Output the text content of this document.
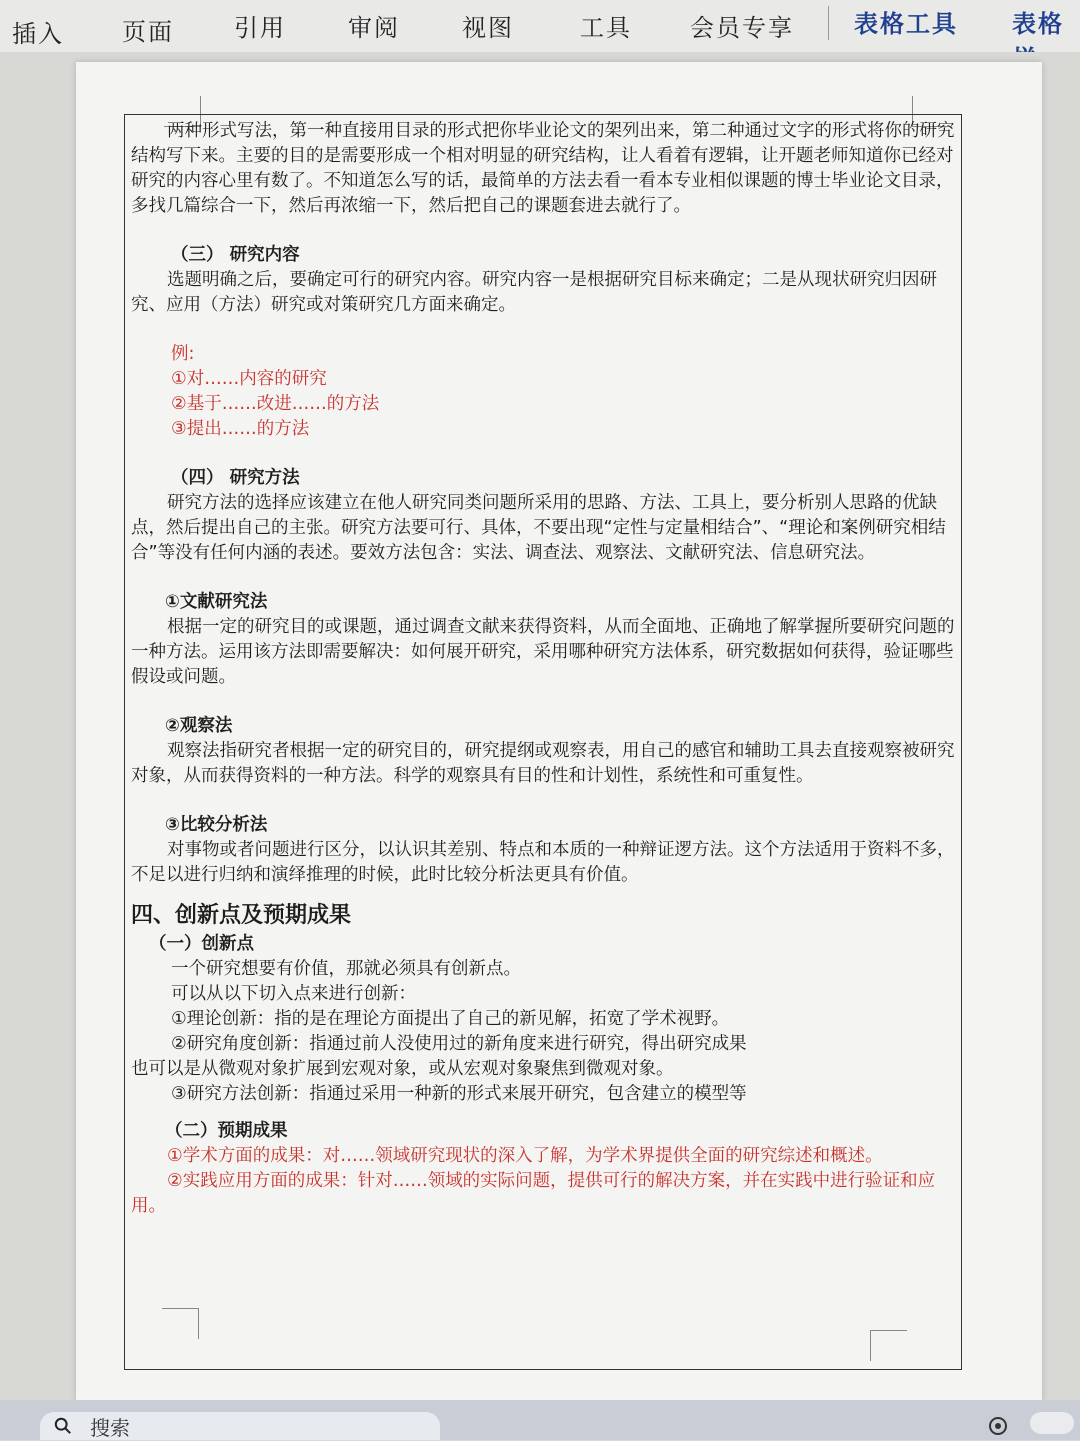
插入 页面	引用	审阅	视图	工具 会员专享	表格工具 表格

两种形式写法，第一种直接用目录的形式把你毕业论文的架列出来，第二种通过文字的形式将你的研究结构写下来。主要的目的是需要形成一个相对明显的研究结构，让人看着有逻辑，让开题老师知道你已经对研究的内容心里有数了。不知道怎么写的话，最简单的方法去看一看本专业相似课题的博士毕业论文目录，多找几篇综合一下，然后再浓缩一下，然后把自己的课题套进去就行了。

（三） 研究内容

选题明确之后，要确定可行的研究内容。研究内容一是根据研究目标来确定；二是从现状研究归因研究、应用（方法）研究或对策研究几方面来确定。

例:

①对……内容的研究

②基于……改进……的方法

③提出……的方法

（四） 研究方法

研究方法的选择应该建立在他人研究同类问题所采用的思路、方法、工具上，要分析别人思路的优缺点，然后提出自己的主张。研究方法要可行、具体，不要出现“定性与定量相结合”、“理论和案例研究相结合”等没有任何内涵的表述。要效方法包含：实法、调查法、观察法、文献研究法、信息研究法。

①文献研究法

根据一定的研究目的或课题，通过调查文献来获得资料，从而全面地、正确地了解掌握所要研究问题的一种方法。运用该方法即需要解决：如何展开研究，采用哪种研究方法体系，研究数据如何获得，验证哪些假设或问题。

②观察法

观察法指研究者根据一定的研究目的，研究提纲或观察表，用自己的感官和辅助工具去直接观察被研究对象，从而获得资料的一种方法。科学的观察具有目的性和计划性，系统性和可重复性。

③比较分析法

对事物或者问题进行区分，以认识其差别、特点和本质的一种辩证逻方法。这个方法适用于资料不多，不足以进行归纳和演绎推理的时候，此时比较分析法更具有价值。

四、创新点及预期成果

（一）创新点

一个研究想要有价值，那就必须具有创新点。

可以从以下切入点来进行创新：

①理论创新：指的是在理论方面提出了自己的新见解，拓宽了学术视野。

②研究角度创新：指通过前人没使用过的新角度来进行研究，得出研究成果

也可以是从微观对象扩展到宏观对象，或从宏观对象聚焦到微观对象。

③研究方法创新：指通过采用一种新的形式来展开研究，包含建立的模型等

（二）预期成果

①学术方面的成果：对……领域研究现状的深入了解，为学术界提供全面的研究综述和概述。

②实践应用方面的成果：针对……领域的实际问题，提供可行的解决方案，并在实践中进行验证和应用。

搜索
